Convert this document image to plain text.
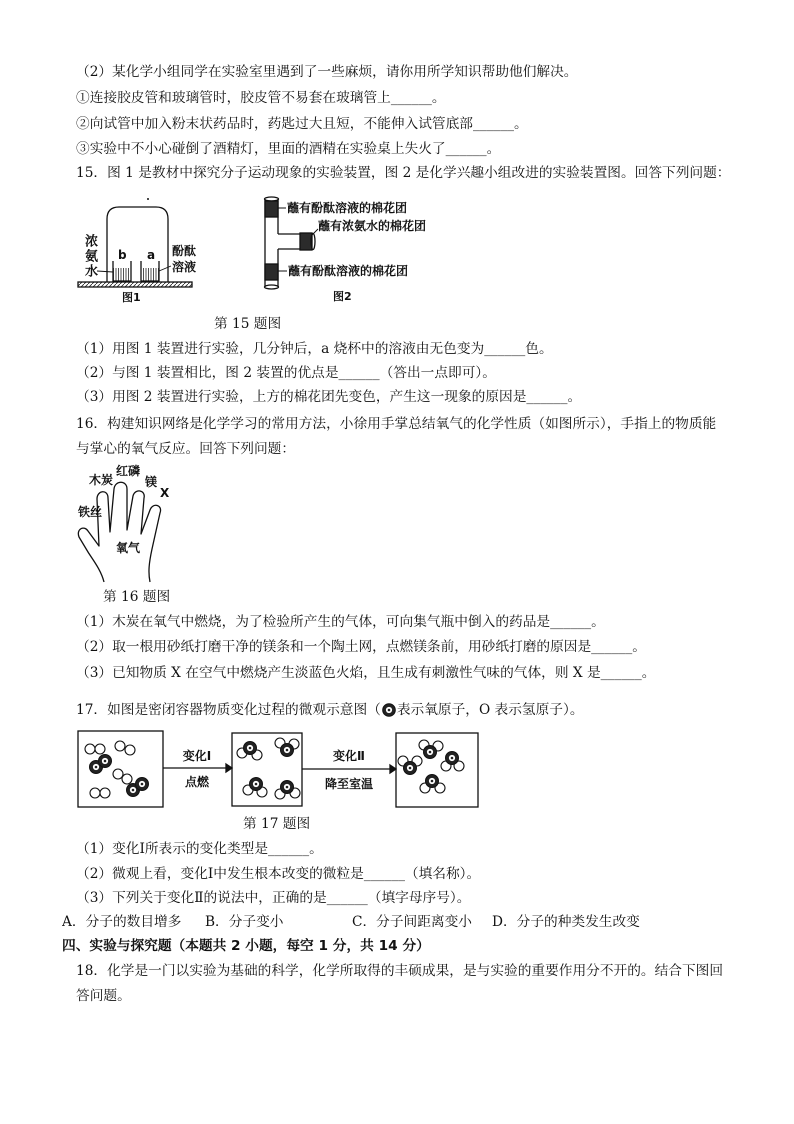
（2）某化学小组同学在实验室里遇到了一些麻烦，请你用所学知识帮助他们解决。
①连接胶皮管和玻璃管时，胶皮管不易套在玻璃管上______。
②向试管中加入粉末状药品时，药匙过大且短，不能伸入试管底部______。
③实验中不小心碰倒了酒精灯，里面的酒精在实验桌上失火了______。
15．图 1 是教材中探究分子运动现象的实验装置，图 2 是化学兴趣小组改进的实验装置图。回答下列问题：
浓氨水 b a 酚酞
溶液
图1
蘸有酚酞溶液的棉花团
蘸有浓氨水的棉花团
蘸有酚酞溶液的棉花团
图2
第 15 题图
（1）用图 1 装置进行实验，几分钟后，a 烧杯中的溶液由无色变为______色。
（2）与图 1 装置相比，图 2 装置的优点是______（答出一点即可）。
（3）用图 2 装置进行实验，上方的棉花团先变色，产生这一现象的原因是______。
16．构建知识网络是化学学习的常用方法，小徐用手掌总结氧气的化学性质（如图所示），手指上的物质能
与掌心的氧气反应。回答下列问题：
木炭
红磷
镁
X
铁丝
氧气
第 16 题图
（1）木炭在氧气中燃烧，为了检验所产生的气体，可向集气瓶中倒入的药品是______。
（2）取一根用砂纸打磨干净的镁条和一个陶土网，点燃镁条前，用砂纸打磨的原因是______。
（3）已知物质 X 在空气中燃烧产生淡蓝色火焰，且生成有刺激性气味的气体，则 X 是______。
17．如图是密闭容器物质变化过程的微观示意图（ 表示氧原子，O 表示氢原子）。
变化Ⅰ
点燃
变化Ⅱ
降至室温
第 17 题图
（1）变化Ⅰ所表示的变化类型是______。
（2）微观上看，变化Ⅰ中发生根本改变的微粒是______（填名称）。
（3）下列关于变化Ⅱ的说法中，正确的是______（填字母序号）。
A．分子的数目增多 B．分子变小	C．分子间距离变小 D．分子的种类发生改变
四、实验与探究题（本题共 2 小题，每空 1 分，共 14 分）
18．化学是一门以实验为基础的科学，化学所取得的丰硕成果，是与实验的重要作用分不开的。结合下图回
答问题。
